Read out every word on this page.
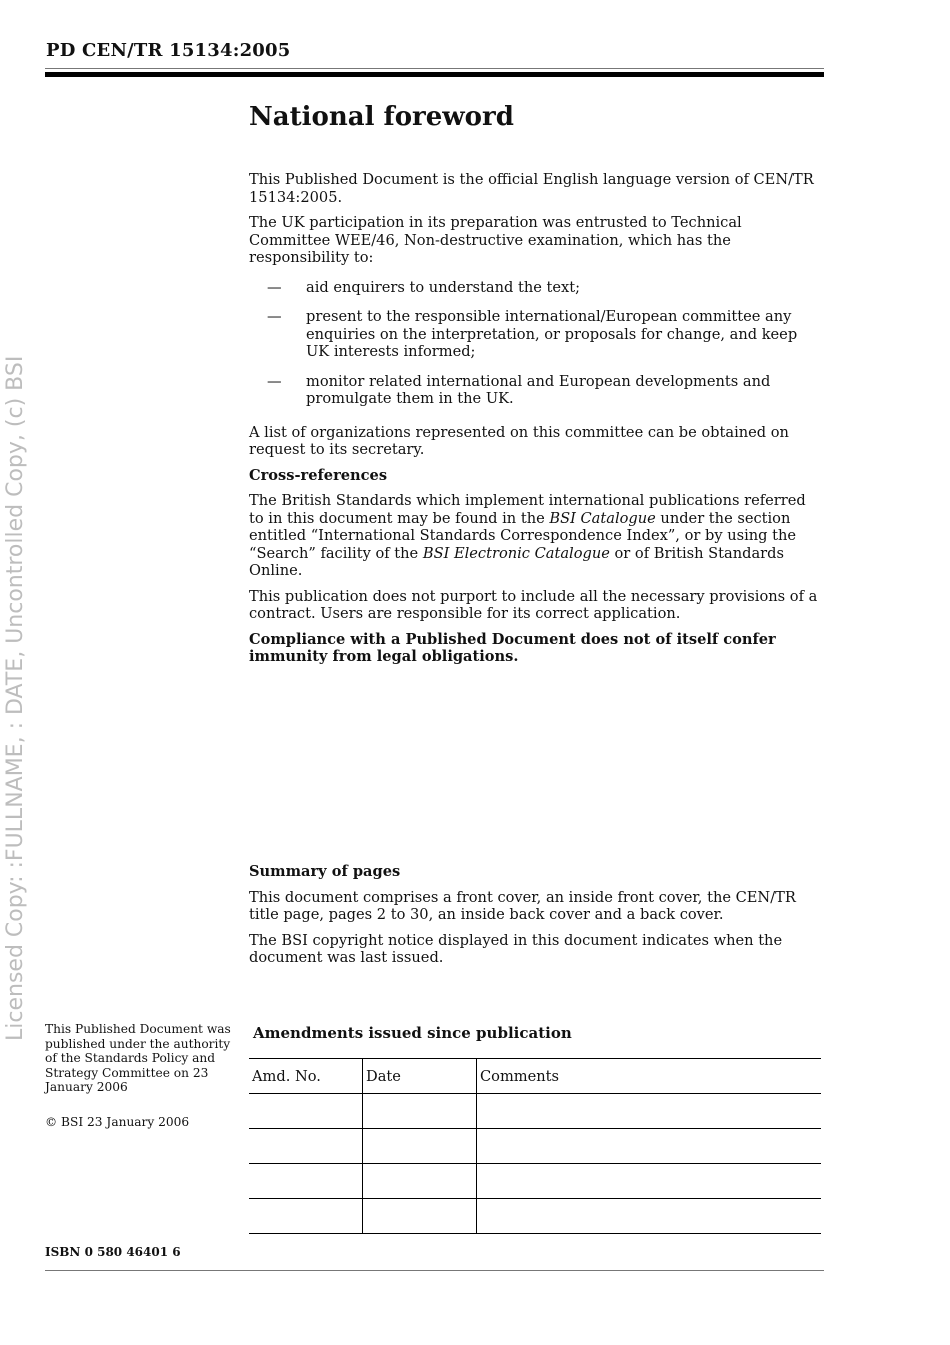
PD CEN/TR 15134:2005
Licensed Copy: :FULLNAME, : DATE, Uncontrolled Copy, (c) BSI
National foreword

This Published Document is the official English language version of CEN/TR 15134:2005.

The UK participation in its preparation was entrusted to Technical Committee WEE/46, Non-destructive examination, which has the responsibility to:

— aid enquirers to understand the text;
— present to the responsible international/European committee any enquiries on the interpretation, or proposals for change, and keep UK interests informed;
— monitor related international and European developments and promulgate them in the UK.

A list of organizations represented on this committee can be obtained on request to its secretary.

Cross-references

The British Standards which implement international publications referred to in this document may be found in the BSI Catalogue under the section entitled “International Standards Correspondence Index”, or by using the “Search” facility of the BSI Electronic Catalogue or of British Standards Online.

This publication does not purport to include all the necessary provisions of a contract. Users are responsible for its correct application.

Compliance with a Published Document does not of itself confer immunity from legal obligations.

Summary of pages

This document comprises a front cover, an inside front cover, the CEN/TR title page, pages 2 to 30, an inside back cover and a back cover.

The BSI copyright notice displayed in this document indicates when the document was last issued.

This Published Document was published under the authority of the Standards Policy and Strategy Committee on 23 January 2006

© BSI 23 January 2006

Amendments issued since publication
Amd. No.	Date	Comments

ISBN 0 580 46401 6
